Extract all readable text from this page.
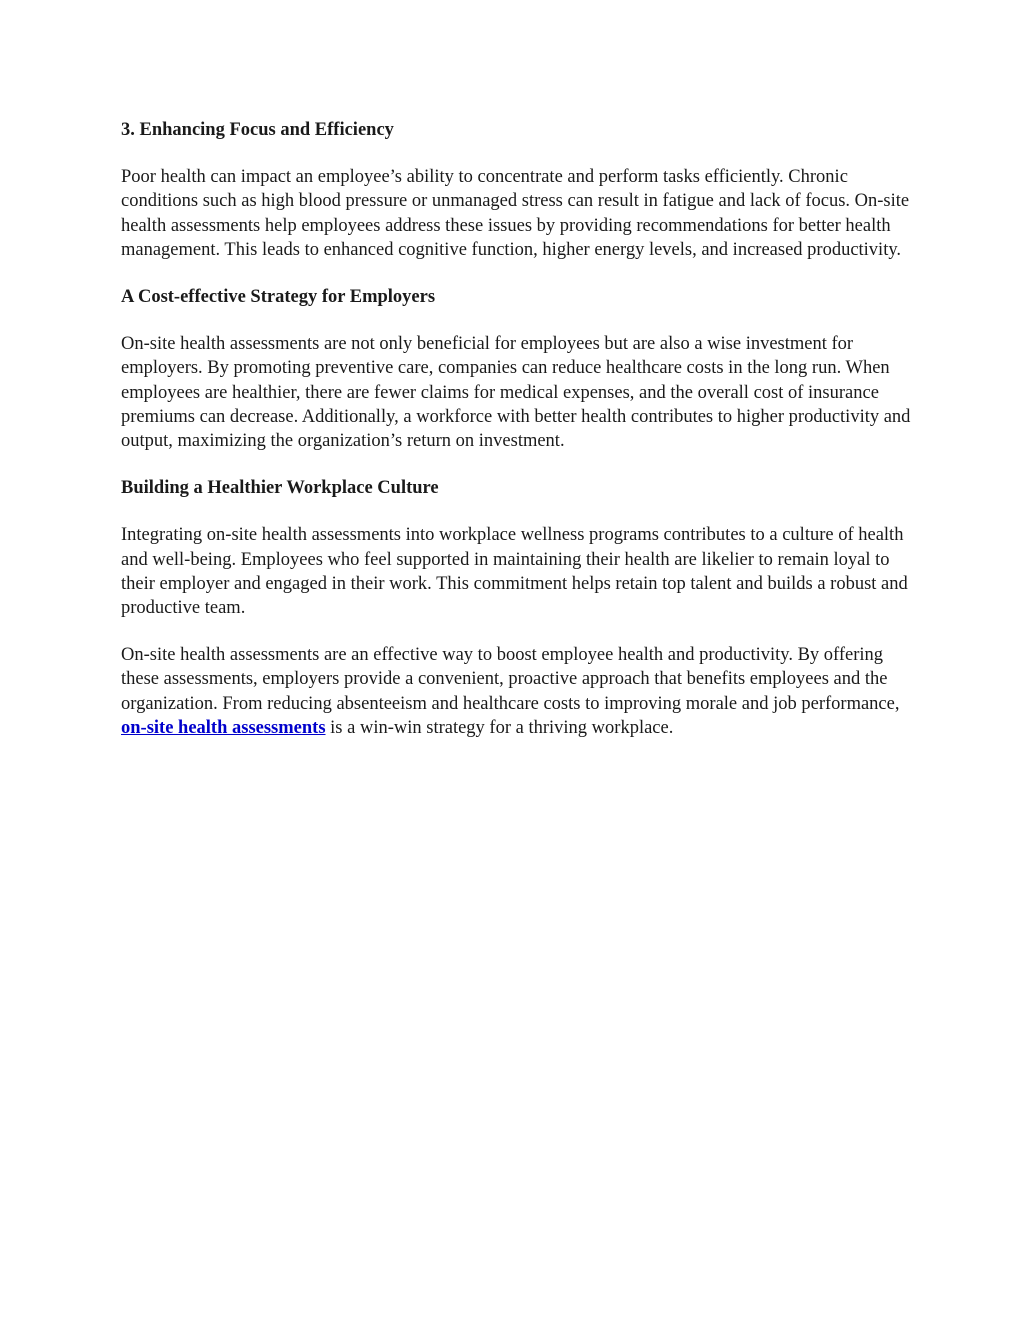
3. Enhancing Focus and Efficiency

Poor health can impact an employee’s ability to concentrate and perform tasks efficiently. Chronic conditions such as high blood pressure or unmanaged stress can result in fatigue and lack of focus. On-site health assessments help employees address these issues by providing recommendations for better health management. This leads to enhanced cognitive function, higher energy levels, and increased productivity.

A Cost-effective Strategy for Employers

On-site health assessments are not only beneficial for employees but are also a wise investment for employers. By promoting preventive care, companies can reduce healthcare costs in the long run. When employees are healthier, there are fewer claims for medical expenses, and the overall cost of insurance premiums can decrease. Additionally, a workforce with better health contributes to higher productivity and output, maximizing the organization’s return on investment.

Building a Healthier Workplace Culture

Integrating on-site health assessments into workplace wellness programs contributes to a culture of health and well-being. Employees who feel supported in maintaining their health are likelier to remain loyal to their employer and engaged in their work. This commitment helps retain top talent and builds a robust and productive team.

On-site health assessments are an effective way to boost employee health and productivity. By offering these assessments, employers provide a convenient, proactive approach that benefits employees and the organization. From reducing absenteeism and healthcare costs to improving morale and job performance, on-site health assessments is a win-win strategy for a thriving workplace.
